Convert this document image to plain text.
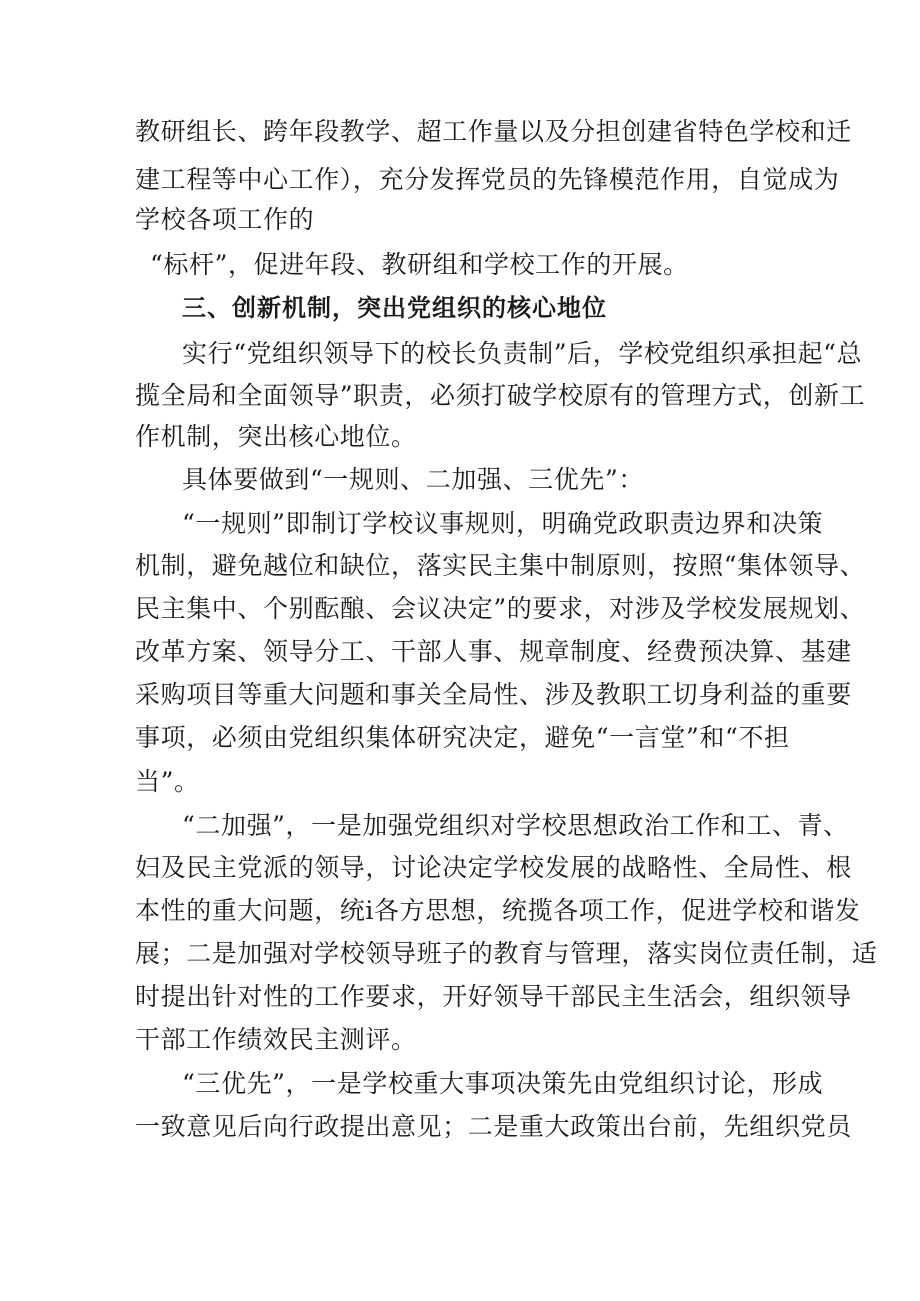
教研组长、跨年段教学、超工作量以及分担创建省特色学校和迁
建工程等中心工作），充分发挥党员的先锋模范作用，自觉成为
学校各项工作的
“标杆”，促进年段、教研组和学校工作的开展。
三、创新机制，突出党组织的核心地位
实行“党组织领导下的校长负责制”后，学校党组织承担起“总
揽全局和全面领导”职责，必须打破学校原有的管理方式，创新工
作机制，突出核心地位。
具体要做到“一规则、二加强、三优先”：
“一规则”即制订学校议事规则，明确党政职责边界和决策
机制，避免越位和缺位，落实民主集中制原则，按照“集体领导、
民主集中、个别酝酿、会议决定”的要求，对涉及学校发展规划、
改革方案、领导分工、干部人事、规章制度、经费预决算、基建
采购项目等重大问题和事关全局性、涉及教职工切身利益的重要
事项，必须由党组织集体研究决定，避免“一言堂”和“不担
当”。
“二加强”，一是加强党组织对学校思想政治工作和工、青、
妇及民主党派的领导，讨论决定学校发展的战略性、全局性、根
本性的重大问题，统i各方思想，统揽各项工作，促进学校和谐发
展；二是加强对学校领导班子的教育与管理，落实岗位责任制，适
时提出针对性的工作要求，开好领导干部民主生活会，组织领导
干部工作绩效民主测评。
“三优先”，一是学校重大事项决策先由党组织讨论，形成
一致意见后向行政提出意见；二是重大政策出台前，先组织党员
